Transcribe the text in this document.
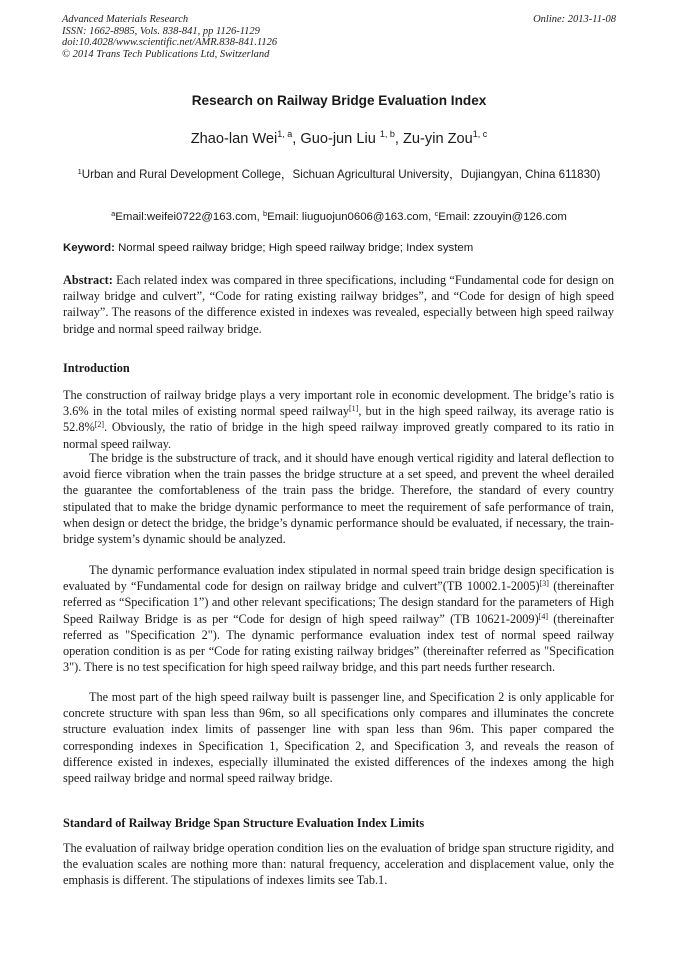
Advanced Materials Research
ISSN: 1662-8985, Vols. 838-841, pp 1126-1129
doi:10.4028/www.scientific.net/AMR.838-841.1126
© 2014 Trans Tech Publications Ltd, Switzerland
Online: 2013-11-08
Research on Railway Bridge Evaluation Index
Zhao-lan Wei$^{1, a}$, Guo-jun Liu $^{1, b}$, Zu-yin Zou$^{1, c}$
$^1$Urban and Rural Development College，Sichuan Agricultural University，Dujiangyan, China 611830)
$^a$Email:weifei0722@163.com, $^b$Email: liuguojun0606@163.com, $^c$Email: zzouyin@126.com
Keyword: Normal speed railway bridge; High speed railway bridge; Index system
Abstract: Each related index was compared in three specifications, including “Fundamental code for design on railway bridge and culvert”, “Code for rating existing railway bridges”, and “Code for design of high speed railway”. The reasons of the difference existed in indexes was revealed, especially between high speed railway bridge and normal speed railway bridge.
Introduction
The construction of railway bridge plays a very important role in economic development. The bridge’s ratio is 3.6% in the total miles of existing normal speed railway[1], but in the high speed railway, its average ratio is 52.8%[2]. Obviously, the ratio of bridge in the high speed railway improved greatly compared to its ratio in normal speed railway.
The bridge is the substructure of track, and it should have enough vertical rigidity and lateral deflection to avoid fierce vibration when the train passes the bridge structure at a set speed, and prevent the wheel derailed the guarantee the comfortableness of the train pass the bridge. Therefore, the standard of every country stipulated that to make the bridge dynamic performance to meet the requirement of safe performance of train, when design or detect the bridge, the bridge’s dynamic performance should be evaluated, if necessary, the train-bridge system’s dynamic should be analyzed.
The dynamic performance evaluation index stipulated in normal speed train bridge design specification is evaluated by “Fundamental code for design on railway bridge and culvert”(TB 10002.1-2005)[3] (thereinafter referred as “Specification 1”) and other relevant specifications; The design standard for the parameters of High Speed Railway Bridge is as per “Code for design of high speed railway” (TB 10621-2009)[4] (thereinafter referred as "Specification 2"). The dynamic performance evaluation index test of normal speed railway operation condition is as per “Code for rating existing railway bridges” (thereinafter referred as "Specification 3"). There is no test specification for high speed railway bridge, and this part needs further research.
The most part of the high speed railway built is passenger line, and Specification 2 is only applicable for concrete structure with span less than 96m, so all specifications only compares and illuminates the concrete structure evaluation index limits of passenger line with span less than 96m. This paper compared the corresponding indexes in Specification 1, Specification 2, and Specification 3, and reveals the reason of difference existed in indexes, especially illuminated the existed differences of the indexes among the high speed railway bridge and normal speed railway bridge.
Standard of Railway Bridge Span Structure Evaluation Index Limits
The evaluation of railway bridge operation condition lies on the evaluation of bridge span structure rigidity, and the evaluation scales are nothing more than: natural frequency, acceleration and displacement value, only the emphasis is different. The stipulations of indexes limits see Tab.1.
